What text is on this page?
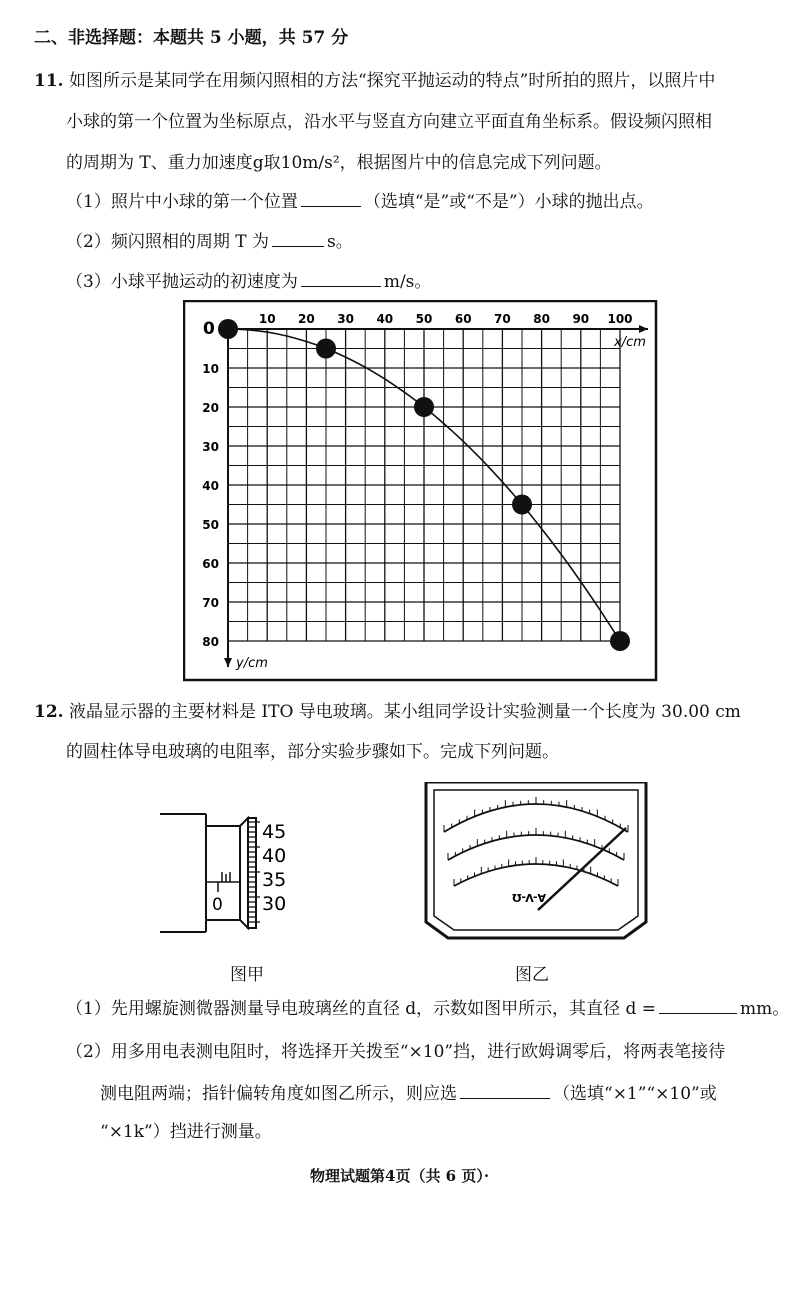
二、非选择题：本题共 5 小题，共 57 分
11. 如图所示是某同学在用频闪照相的方法“探究平抛运动的特点”时所拍的照片，以照片中
小球的第一个位置为坐标原点，沿水平与竖直方向建立平面直角坐标系。假设频闪照相
的周期为 T、重力加速度g取10m/s²，根据图片中的信息完成下列问题。
（1）照片中小球的第一个位置	（选填“是”或“不是”）小球的抛出点。
（2）频闪照相的周期 T 为	s。
（3）小球平抛运动的初速度为	m/s。
10 20 30 40 50 60 70 80 90 100
10
20
30
40
50
60
70
80
0
x/cm
y/cm
12. 液晶显示器的主要材料是 ITO 导电玻璃。某小组同学设计实验测量一个长度为 30.00 cm
的圆柱体导电玻璃的电阻率，部分实验步骤如下。完成下列问题。
0
45
40
35
30
图甲
A-V-Ω
图乙
（1）先用螺旋测微器测量导电玻璃丝的直径 d，示数如图甲所示，其直径 d =	mm。
（2）用多用电表测电阻时，将选择开关拨至“×10”挡，进行欧姆调零后，将两表笔接待
测电阻两端；指针偏转角度如图乙所示，则应选	（选填“×1”“×10”或
“×1k”）挡进行测量。
物理试题第4页（共 6 页）·
